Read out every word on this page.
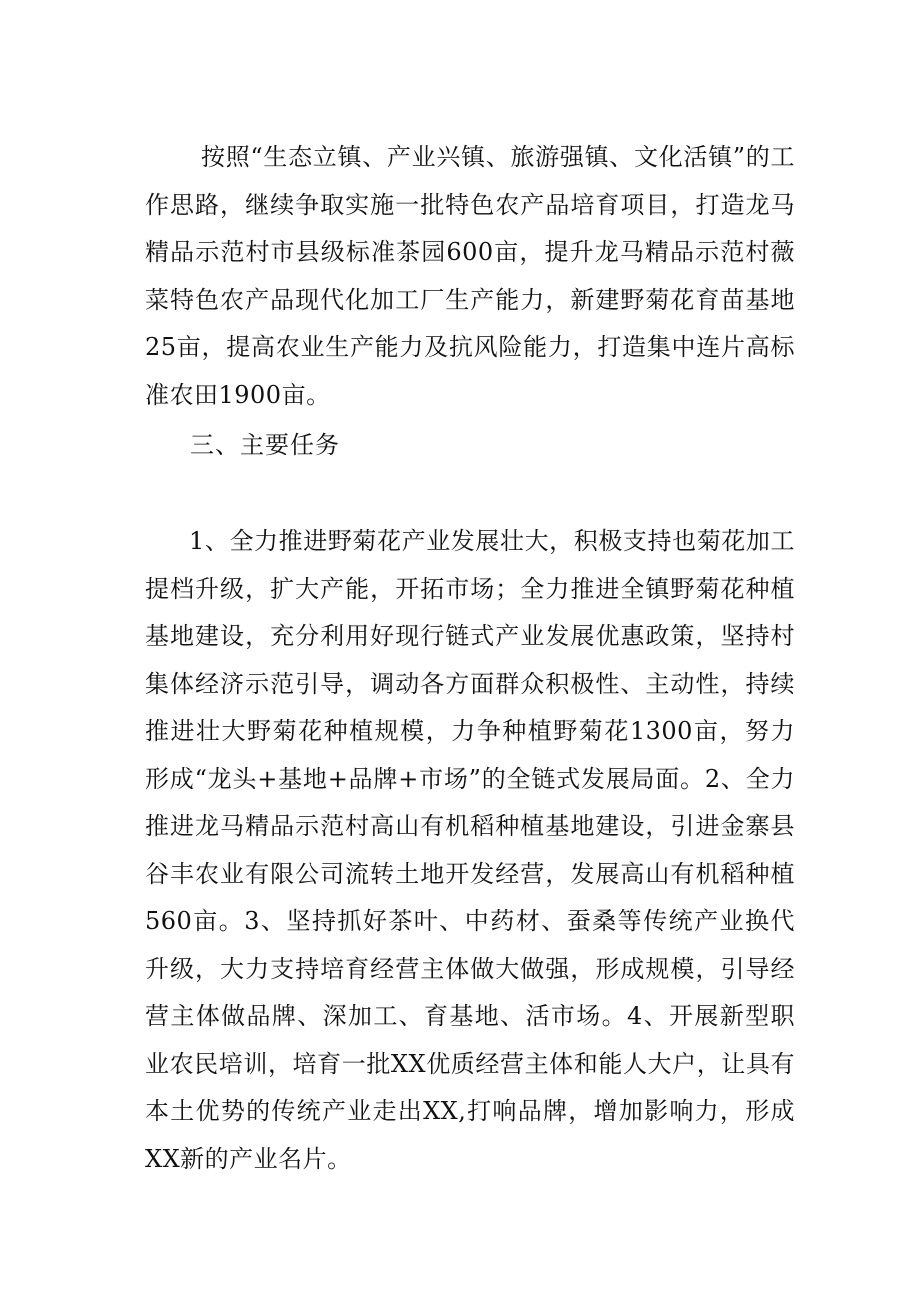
按照“生态立镇、产业兴镇、旅游强镇、文化活镇”的工作思路，继续争取实施一批特色农产品培育项目，打造龙马精品示范村市县级标准茶园600亩，提升龙马精品示范村薇菜特色农产品现代化加工厂生产能力，新建野菊花育苗基地25亩，提高农业生产能力及抗风险能力，打造集中连片高标准农田1900亩。

三、主要任务

1、全力推进野菊花产业发展壮大，积极支持也菊花加工提档升级，扩大产能，开拓市场；全力推进全镇野菊花种植基地建设，充分利用好现行链式产业发展优惠政策，坚持村集体经济示范引导，调动各方面群众积极性、主动性，持续推进壮大野菊花种植规模，力争种植野菊花1300亩，努力形成“龙头+基地+品牌+市场”的全链式发展局面。2、全力推进龙马精品示范村高山有机稻种植基地建设，引进金寨县谷丰农业有限公司流转土地开发经营，发展高山有机稻种植560亩。3、坚持抓好茶叶、中药材、蚕桑等传统产业换代升级，大力支持培育经营主体做大做强，形成规模，引导经营主体做品牌、深加工、育基地、活市场。4、开展新型职业农民培训，培育一批XX优质经营主体和能人大户，让具有本土优势的传统产业走出XX,打响品牌，增加影响力，形成XX新的产业名片。
